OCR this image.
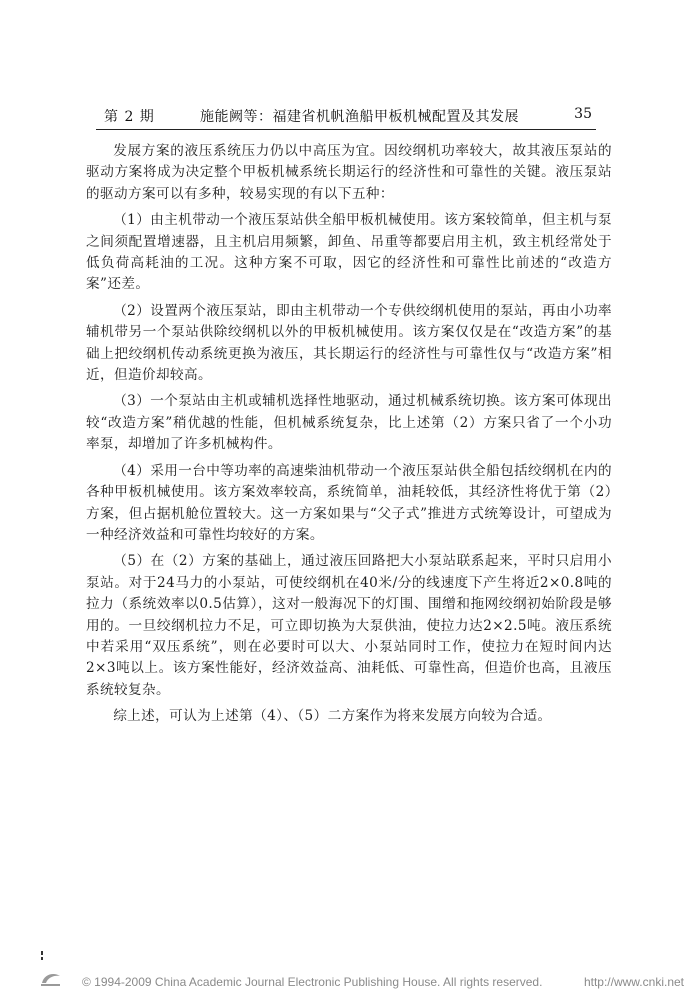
第 2 期	施能阙等：福建省机帆渔船甲板机械配置及其发展	35

发展方案的液压系统压力仍以中高压为宜。因绞纲机功率较大，故其液压泵站的驱动方案将成为决定整个甲板机械系统长期运行的经济性和可靠性的关键。液压泵站的驱动方案可以有多种，较易实现的有以下五种：

（1）由主机带动一个液压泵站供全船甲板机械使用。该方案较简单，但主机与泵之间须配置增速器，且主机启用频繁，卸鱼、吊重等都要启用主机，致主机经常处于低负荷高耗油的工况。这种方案不可取，因它的经济性和可靠性比前述的“改造方案”还差。

（2）设置两个液压泵站，即由主机带动一个专供绞纲机使用的泵站，再由小功率辅机带另一个泵站供除绞纲机以外的甲板机械使用。该方案仅仅是在“改造方案”的基础上把绞纲机传动系统更换为液压，其长期运行的经济性与可靠性仅与“改造方案”相近，但造价却较高。

（3）一个泵站由主机或辅机选择性地驱动，通过机械系统切换。该方案可体现出较“改造方案”稍优越的性能，但机械系统复杂，比上述第（2）方案只省了一个小功率泵，却增加了许多机械构件。

（4）采用一台中等功率的高速柴油机带动一个液压泵站供全船包括绞纲机在内的各种甲板机械使用。该方案效率较高，系统简单，油耗较低，其经济性将优于第（2）方案，但占据机舱位置较大。这一方案如果与“父子式”推进方式统筹设计，可望成为一种经济效益和可靠性均较好的方案。

（5）在（2）方案的基础上，通过液压回路把大小泵站联系起来，平时只启用小泵站。对于24马力的小泵站，可使绞纲机在40米/分的线速度下产生将近2×0.8吨的拉力（系统效率以0.5估算），这对一般海况下的灯围、围缯和拖网绞纲初始阶段是够用的。一旦绞纲机拉力不足，可立即切换为大泵供油，使拉力达2×2.5吨。液压系统中若采用“双压系统”，则在必要时可以大、小泵站同时工作，使拉力在短时间内达2×3吨以上。该方案性能好，经济效益高、油耗低、可靠性高，但造价也高，且液压系统较复杂。

综上述，可认为上述第（4）、（5）二方案作为将来发展方向较为合适。

© 1994-2009 China Academic Journal Electronic Publishing House. All rights reserved.	http://www.cnki.net
